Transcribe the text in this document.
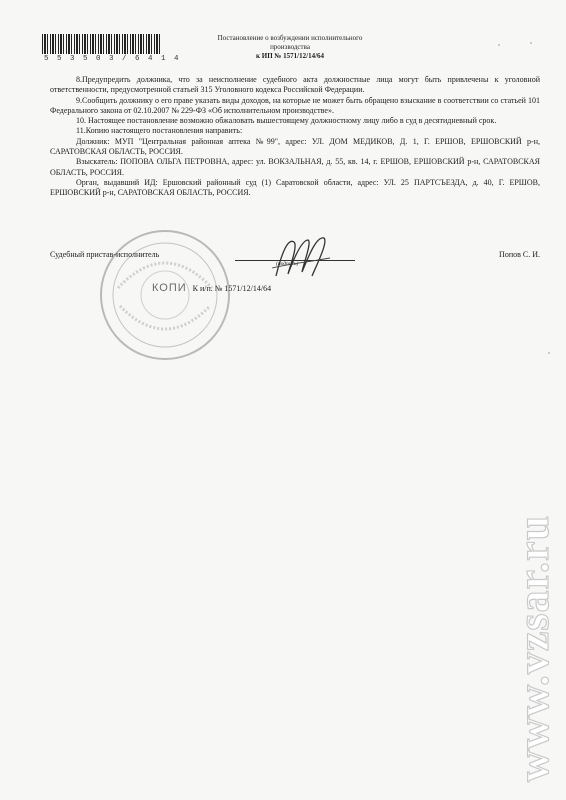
5 5 3 5 0 3 / 6 4 1 4
Постановление о возбуждении исполнительного
производства
к ИП № 1571/12/14/64

8.Предупредить должника, что за неисполнение судебного акта должностные лица могут быть привлечены к уголовной ответственности, предусмотренной статьей 315 Уголовного кодекса Российской Федерации.

9.Сообщить должнику о его праве указать виды доходов, на которые не может быть обращено взыскание в соответствии со статьей 101 Федерального закона от 02.10.2007 № 229-ФЗ «Об исполнительном производстве».

10. Настоящее постановление возможно обжаловать вышестоящему должностному лицу либо в суд в десятидневный срок.

11.Копию настоящего постановления направить:

Должник: МУП "Центральная районная аптека №99", адрес: УЛ. ДОМ МЕДИКОВ, Д. 1, Г. ЕРШОВ, ЕРШОВСКИЙ р-н, САРАТОВСКАЯ ОБЛАСТЬ, РОССИЯ.

Взыскатель: ПОПОВА ОЛЬГА ПЕТРОВНА, адрес: ул. ВОКЗАЛЬНАЯ, д. 55, кв. 14, г. ЕРШОВ, ЕРШОВСКИЙ р-н, САРАТОВСКАЯ ОБЛАСТЬ, РОССИЯ.

Орган, выдавший ИД: Ершовский районный суд (1) Саратовской области, адрес: УЛ. 25 ПАРТСЪЕЗДА, д. 40, Г. ЕРШОВ, ЕРШОВСКИЙ р-н, САРАТОВСКАЯ ОБЛАСТЬ, РОССИЯ.

Судебный пристав-исполнитель
(подпись)
Попов С. И.
КОПИ К и/п. № 1571/12/14/64
www.vzsar.ru
